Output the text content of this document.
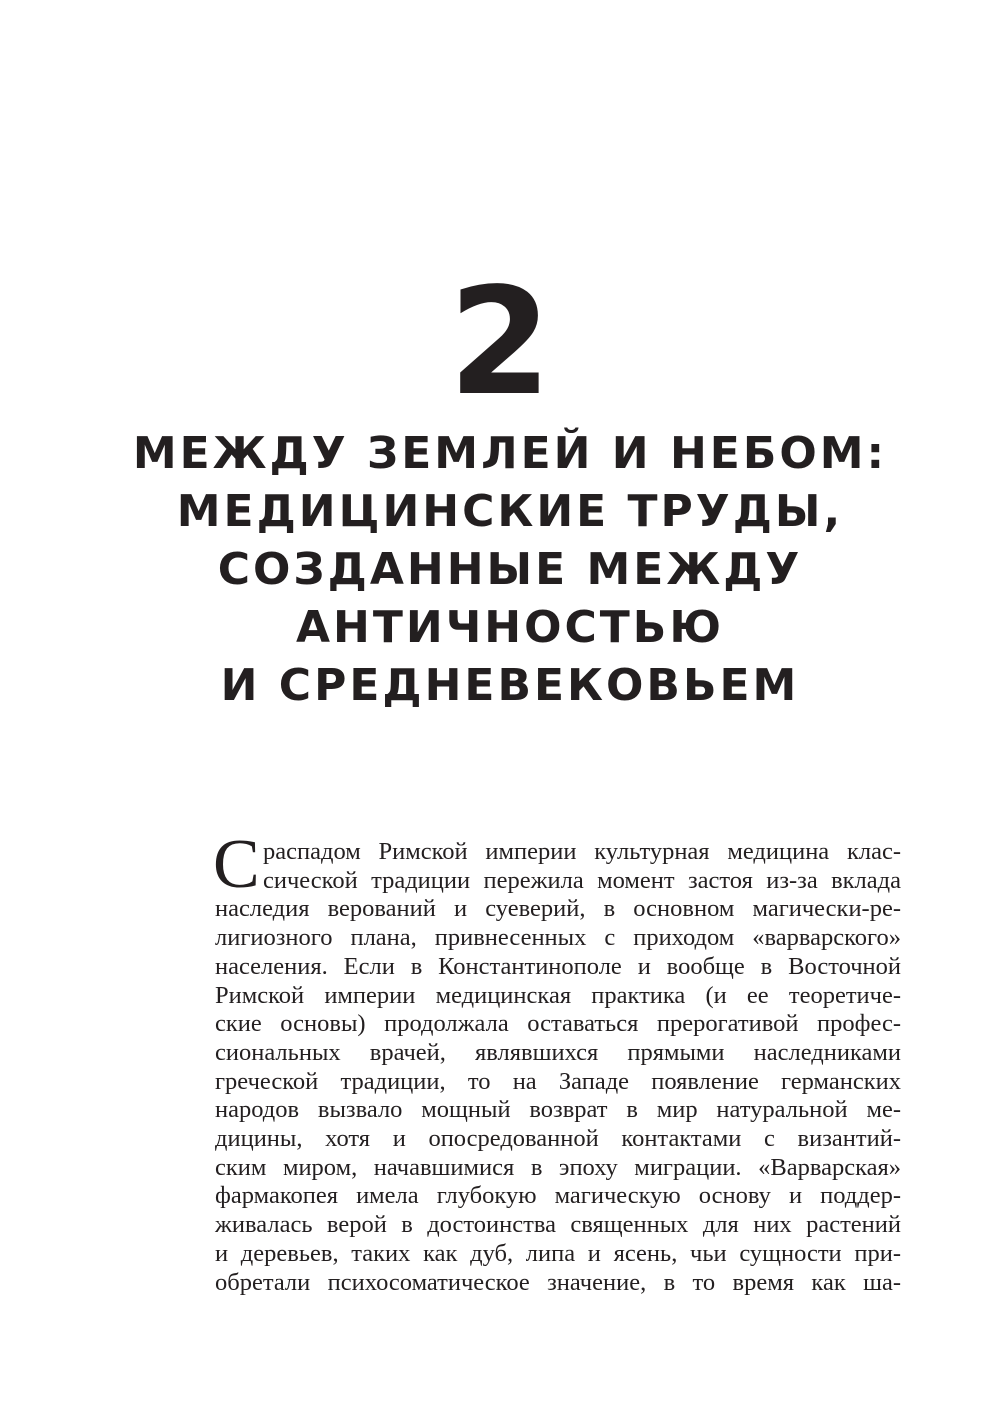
2
МЕЖДУ ЗЕМЛЕЙ И НЕБОМ:
МЕДИЦИНСКИЕ ТРУДЫ,
СОЗДАННЫЕ МЕЖДУ
АНТИЧНОСТЬЮ
И СРЕДНЕВЕКОВЬЕМ
С распадом Римской империи культурная медицина клас-
сической традиции пережила момент застоя из-за вклада
наследия верований и суеверий, в основном магически-ре-
лигиозного плана, привнесенных с приходом «варварского»
населения. Если в Константинополе и вообще в Восточной
Римской империи медицинская практика (и ее теоретиче-
ские основы) продолжала оставаться прерогативой профес-
сиональных врачей, являвшихся прямыми наследниками
греческой традиции, то на Западе появление германских
народов вызвало мощный возврат в мир натуральной ме-
дицины, хотя и опосредованной контактами с византий-
ским миром, начавшимися в эпоху миграции. «Варварская»
фармакопея имела глубокую магическую основу и поддер-
живалась верой в достоинства священных для них растений
и деревьев, таких как дуб, липа и ясень, чьи сущности при-
обретали психосоматическое значение, в то время как ша-
